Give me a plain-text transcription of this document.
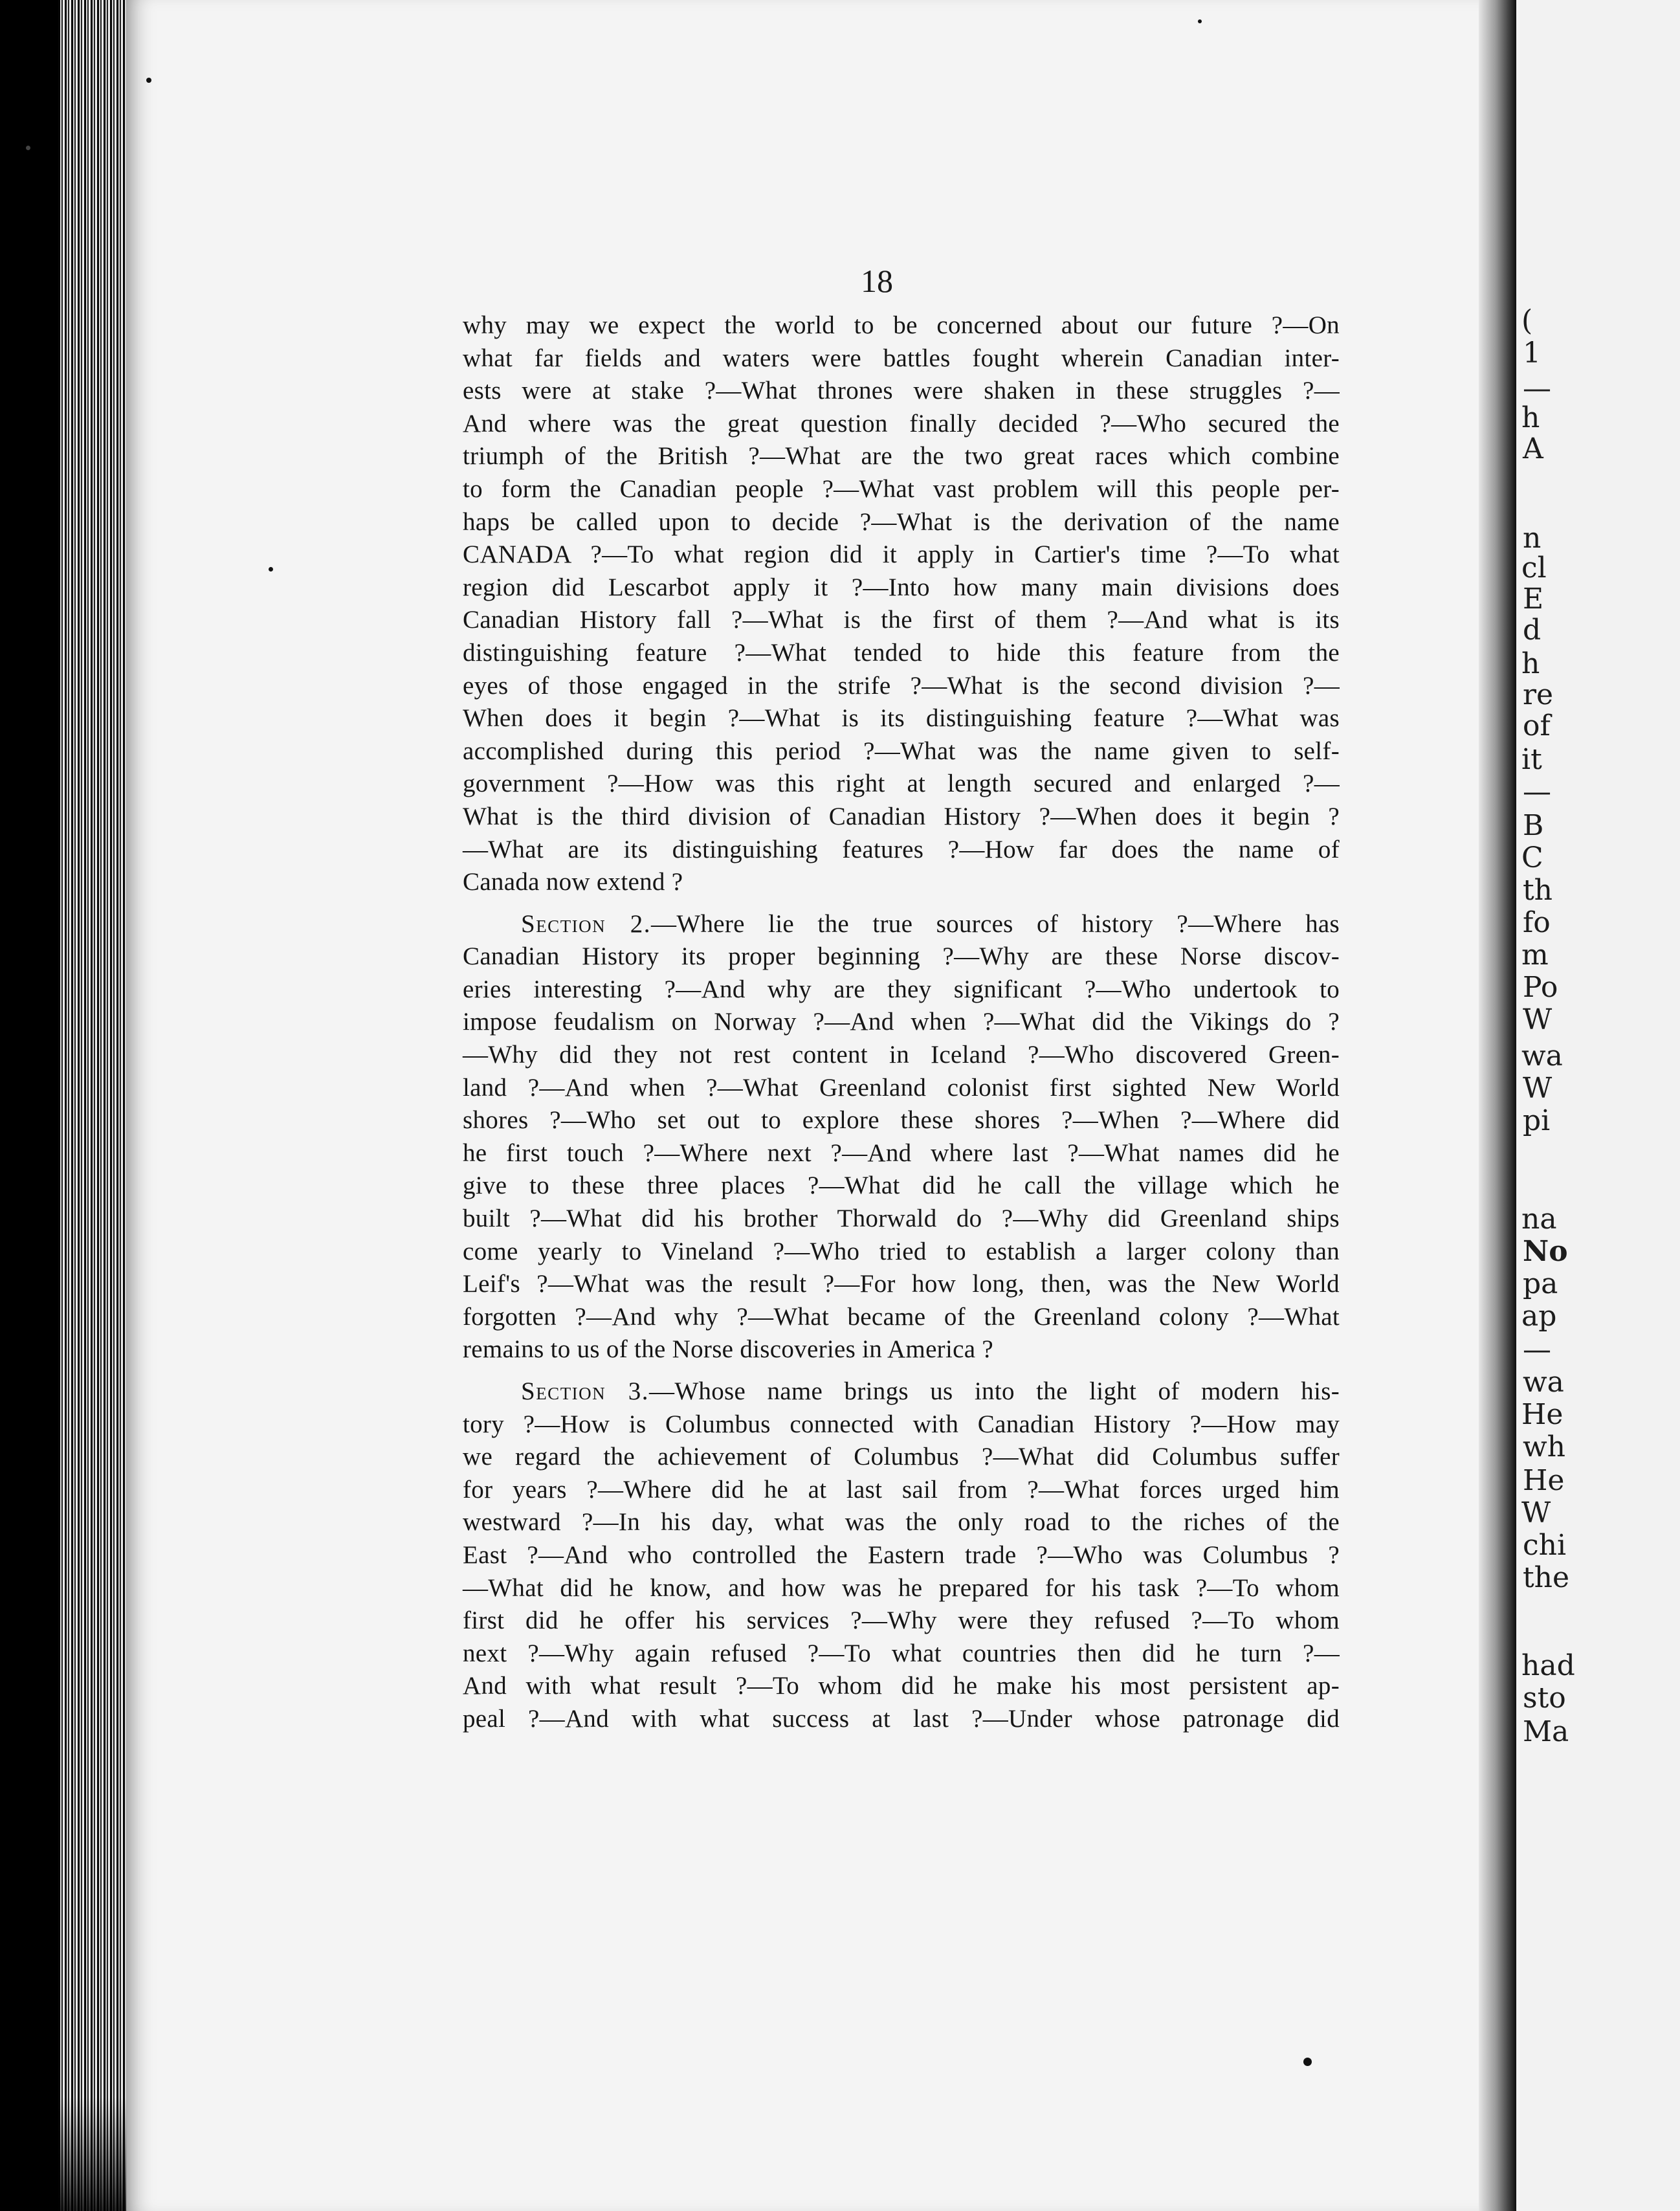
18

why may we expect the world to be concerned about our future ?—On
what far fields and waters were battles fought wherein Canadian inter-
ests were at stake ?—What thrones were shaken in these struggles ?—
And where was the great question finally decided ?—Who secured the
triumph of the British ?—What are the two great races which combine
to form the Canadian people ?—What vast problem will this people per-
haps be called upon to decide ?—What is the derivation of the name
CANADA ?—To what region did it apply in Cartier's time ?—To what
region did Lescarbot apply it ?—Into how many main divisions does
Canadian History fall ?—What is the first of them ?—And what is its
distinguishing feature ?—What tended to hide this feature from the
eyes of those engaged in the strife ?—What is the second division ?—
When does it begin ?—What is its distinguishing feature ?—What was
accomplished during this period ?—What was the name given to self-
government ?—How was this right at length secured and enlarged ?—
What is the third division of Canadian History ?—When does it begin ?
—What are its distinguishing features ?—How far does the name of
Canada now extend ?

Section 2.—Where lie the true sources of history ?—Where has
Canadian History its proper beginning ?—Why are these Norse discov-
eries interesting ?—And why are they significant ?—Who undertook to
impose feudalism on Norway ?—And when ?—What did the Vikings do ?
—Why did they not rest content in Iceland ?—Who discovered Green-
land ?—And when ?—What Greenland colonist first sighted New World
shores ?—Who set out to explore these shores ?—When ?—Where did
he first touch ?—Where next ?—And where last ?—What names did he
give to these three places ?—What did he call the village which he
built ?—What did his brother Thorwald do ?—Why did Greenland ships
come yearly to Vineland ?—Who tried to establish a larger colony than
Leif's ?—What was the result ?—For how long, then, was the New World
forgotten ?—And why ?—What became of the Greenland colony ?—What
remains to us of the Norse discoveries in America ?

Section 3.—Whose name brings us into the light of modern his-
tory ?—How is Columbus connected with Canadian History ?—How may
we regard the achievement of Columbus ?—What did Columbus suffer
for years ?—Where did he at last sail from ?—What forces urged him
westward ?—In his day, what was the only road to the riches of the
East ?—And who controlled the Eastern trade ?—Who was Columbus ?
—What did he know, and how was he prepared for his task ?—To whom
first did he offer his services ?—Why were they refused ?—To whom
next ?—Why again refused ?—To what countries then did he turn ?—
And with what result ?—To whom did he make his most persistent ap-
peal ?—And with what success at last ?—Under whose patronage did

(
1
—
h
A
n
cl
E
d
h
re
of
it
—
B
C
th
fo
m
Po
W
wa
W
pi
na
No
pa
ap
—
wa
He
wh
He
W
chi
the
had
sto
Ma
